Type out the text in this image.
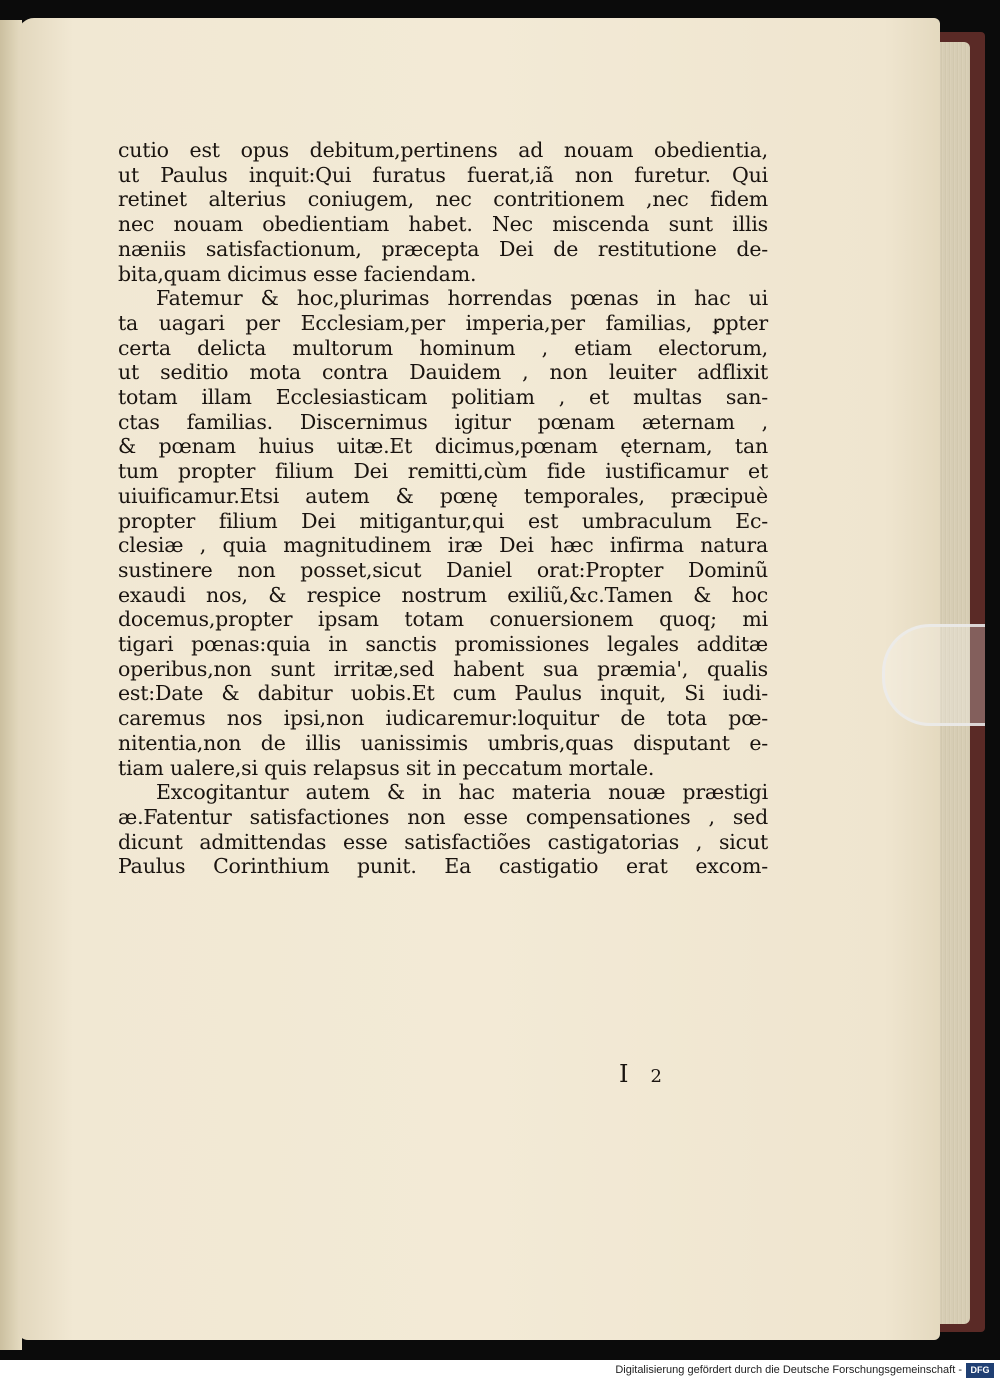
cutio est opus debitum,pertinens ad nouam obedientia,
ut Paulus inquit:Qui furatus fuerat,iã non furetur. Qui
retinet alterius coniugem, nec contritionem ,nec fidem
nec nouam obedientiam habet. Nec miscenda sunt illis
næniis satisfactionum, præcepta Dei de restitutione de-
bita,quam dicimus esse faciendam.
Fatemur & hoc,plurimas horrendas pœnas in hac ui
ta uagari per Ecclesiam,per imperia,per familias, ꝑpter
certa delicta multorum hominum , etiam electorum,
ut seditio mota contra Dauidem , non leuiter adflixit
totam illam Ecclesiasticam politiam , et multas san-
ctas familias. Discernimus igitur pœnam æternam ,
& pœnam huius uitæ.Et dicimus,pœnam ęternam, tan
tum propter filium Dei remitti,cùm fide iustificamur et
uiuificamur.Etsi autem & pœnę temporales, præcipuè
propter filium Dei mitigantur,qui est umbraculum Ec-
clesiæ , quia magnitudinem iræ Dei hæc infirma natura
sustinere non posset,sicut Daniel orat:Propter Dominũ
exaudi nos, & respice nostrum exiliũ,&c.Tamen & hoc
docemus,propter ipsam totam conuersionem quoq; mi
tigari pœnas:quia in sanctis promissiones legales additæ
operibus,non sunt irritæ,sed habent sua præmia', qualis
est:Date & dabitur uobis.Et cum Paulus inquit, Si iudi-
caremus nos ipsi,non iudicaremur:loquitur de tota pœ-
nitentia,non de illis uanissimis umbris,quas disputant e-
tiam ualere,si quis relapsus sit in peccatum mortale.
Excogitantur autem & in hac materia nouæ præstigi
æ.Fatentur satisfactiones non esse compensationes , sed
dicunt admittendas esse satisfactiões castigatorias , sicut
Paulus Corinthium punit. Ea castigatio erat excom-
I 2
Digitalisierung gefördert durch die Deutsche Forschungsgemeinschaft - DFG
